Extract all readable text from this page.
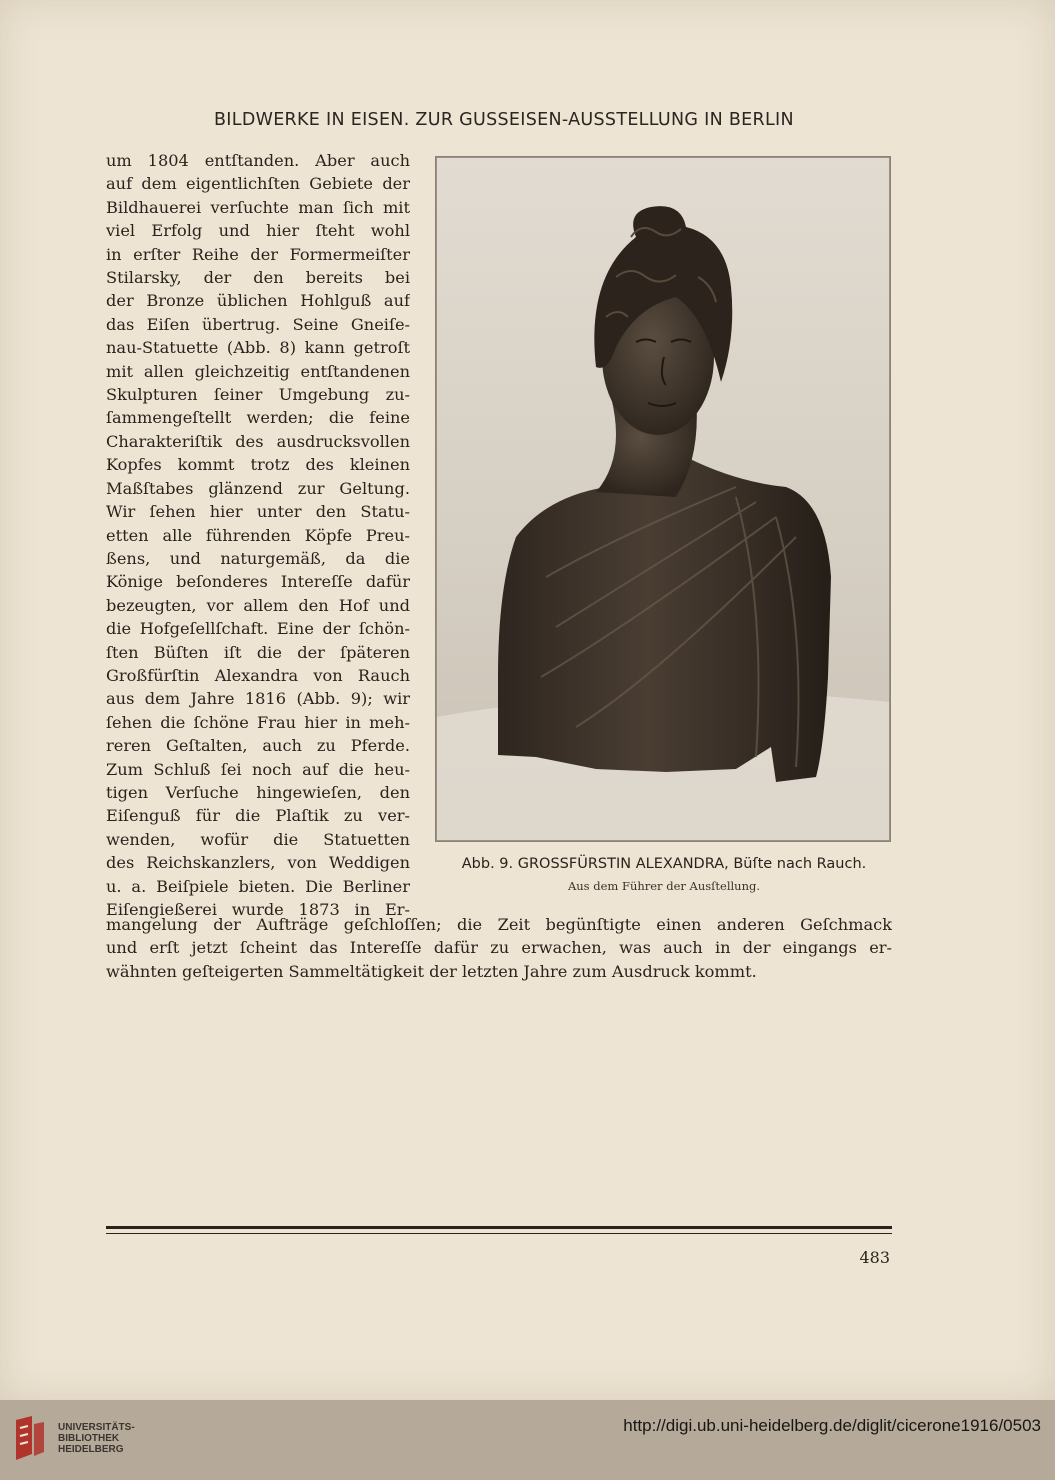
BILDWERKE IN EISEN. ZUR GUSSEISEN-AUSSTELLUNG IN BERLIN
um 1804 entſtanden. Aber auch
auf dem eigentlichſten Gebiete der
Bildhauerei verſuchte man ſich mit
viel Erfolg und hier ſteht wohl
in erſter Reihe der Formermeiſter
Stilarsky, der den bereits bei
der Bronze üblichen Hohlguß auf
das Eiſen übertrug. Seine Gneiſe-
nau-Statuette (Abb. 8) kann getroſt
mit allen gleichzeitig entſtandenen
Skulpturen ſeiner Umgebung zu-
ſammengeſtellt werden; die feine
Charakteriſtik des ausdrucksvollen
Kopfes kommt trotz des kleinen
Maßſtabes glänzend zur Geltung.
Wir ſehen hier unter den Statu-
etten alle führenden Köpfe Preu-
ßens, und naturgemäß, da die
Könige beſonderes Intereſſe dafür
bezeugten, vor allem den Hof und
die Hofgeſellſchaft. Eine der ſchön-
ſten Büſten iſt die der ſpäteren
Großfürſtin Alexandra von Rauch
aus dem Jahre 1816 (Abb. 9); wir
ſehen die ſchöne Frau hier in meh-
reren Geſtalten, auch zu Pferde.
Zum Schluß ſei noch auf die heu-
tigen Verſuche hingewieſen, den
Eiſenguß für die Plaſtik zu ver-
wenden, wofür die Statuetten
des Reichskanzlers, von Weddigen
u. a. Beiſpiele bieten. Die Berliner
Eiſengießerei wurde 1873 in Er-
Abb. 9. GROSSFÜRSTIN ALEXANDRA, Büſte nach Rauch.
Aus dem Führer der Ausſtellung.
mangelung der Aufträge geſchloſſen; die Zeit begünſtigte einen anderen Geſchmack
und erſt jetzt ſcheint das Intereſſe dafür zu erwachen, was auch in der eingangs er-
wähnten geſteigerten Sammeltätigkeit der letzten Jahre zum Ausdruck kommt.
483
UNIVERSITÄTS-
BIBLIOTHEK
HEIDELBERG
http://digi.ub.uni-heidelberg.de/diglit/cicerone1916/0503
